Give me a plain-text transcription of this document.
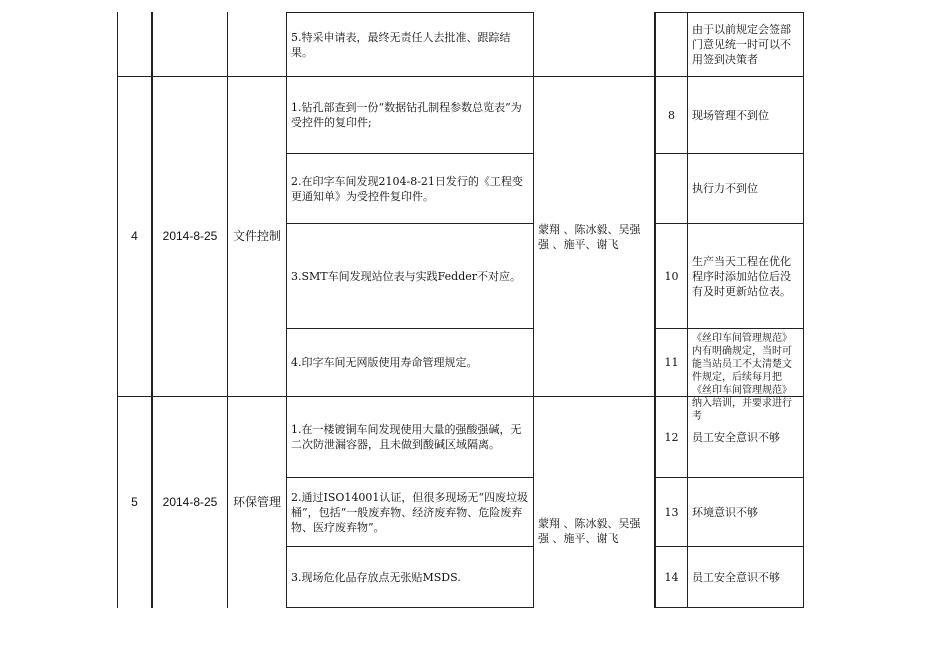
5.特采申请表，最终无责任人去批准、跟踪结果。
由于以前规定会签部门意见统一时可以不用签到决策者
4 2014-8-25 文件控制
1.钻孔部查到一份“数据钻孔制程参数总览表”为受控件的复印件;
2.在印字车间发现2104-8-21日发行的《工程变更通知单》为受控件复印件。
3.SMT车间发现站位表与实践Fedder不对应。
4.印字车间无网版使用寿命管理规定。
蒙翔 、陈冰毅、吴强强 、施平、谢飞
8 现场管理不到位
执行力不到位
10
生产当天工程在优化程序时添加站位后没有及时更新站位表。
11
《丝印车间管理规范》内有明确规定，当时可能当站员工不太清楚文件规定，后续每月把《丝印车间管理规范》纳入培训，并要求进行考
5 2014-8-25 环保管理
1.在一楼镀铜车间发现使用大量的强酸强碱，无二次防泄漏容器，且未做到酸碱区域隔离。
2.通过ISO14001认证，但很多现场无“四废垃圾桶”，包括“一般废弃物、经济废弃物、危险废弃物、医疗废弃物”。
3.现场危化品存放点无张贴MSDS.
蒙翔 、陈冰毅、吴强强 、施平、谢飞
12 员工安全意识不够
13 环境意识不够
14 员工安全意识不够
